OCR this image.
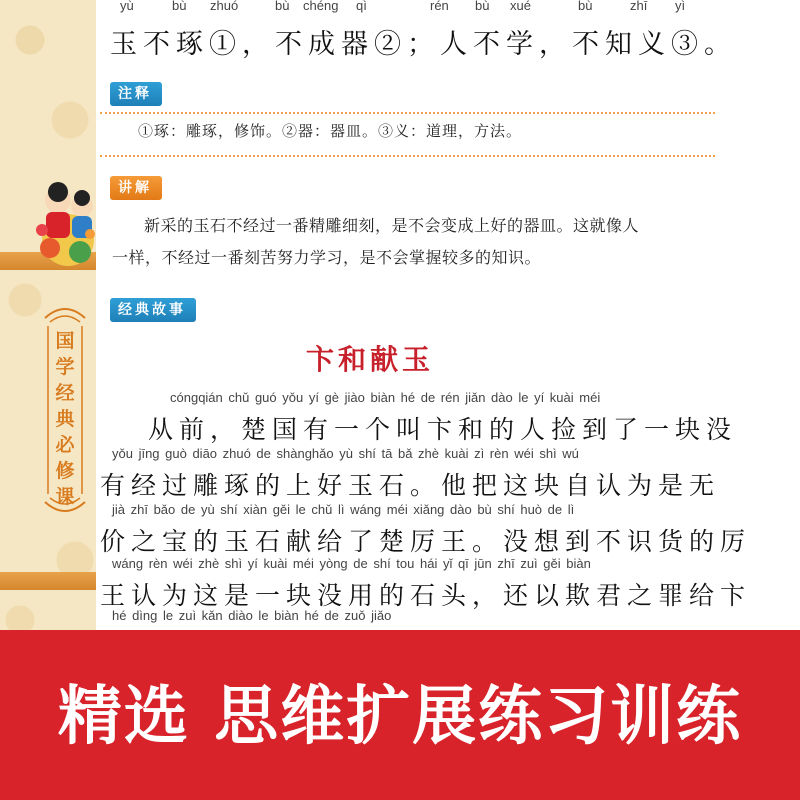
国
学
经
典
必
修
课
yù	bù zhuó	bù chéng qì	rén bù xué	bù	zhī yì
玉不琢①，不成器②；人不学，不知义③。
注释
①琢：雕琢，修饰。②器：器皿。③义：道理，方法。
讲解
新采的玉石不经过一番精雕细刻，是不会变成上好的器皿。这就像人
一样，不经过一番刻苦努力学习，是不会掌握较多的知识。
经典故事
卞和献玉
cóngqián chǔ guó yǒu yí gè jiào biàn hé de rén jiǎn dào le yí kuài méi
从前，楚国有一个叫卞和的人捡到了一块没
yǒu jīng guò diāo zhuó de shànghǎo yù shí tā bǎ zhè kuài zì rèn wéi shì wú
有经过雕琢的上好玉石。他把这块自认为是无
jià zhī bǎo de yù shí xiàn gěi le chǔ lì wáng méi xiǎng dào bù shí huò de lì
价之宝的玉石献给了楚厉王。没想到不识货的厉
wáng rèn wéi zhè shì yí kuài méi yòng de shí tou hái yǐ qī jūn zhī zuì gěi biàn
王认为这是一块没用的石头，还以欺君之罪给卞
hé dìng le zuì kǎn diào le biàn hé de zuǒ jiǎo
精选 思维扩展练习训练
